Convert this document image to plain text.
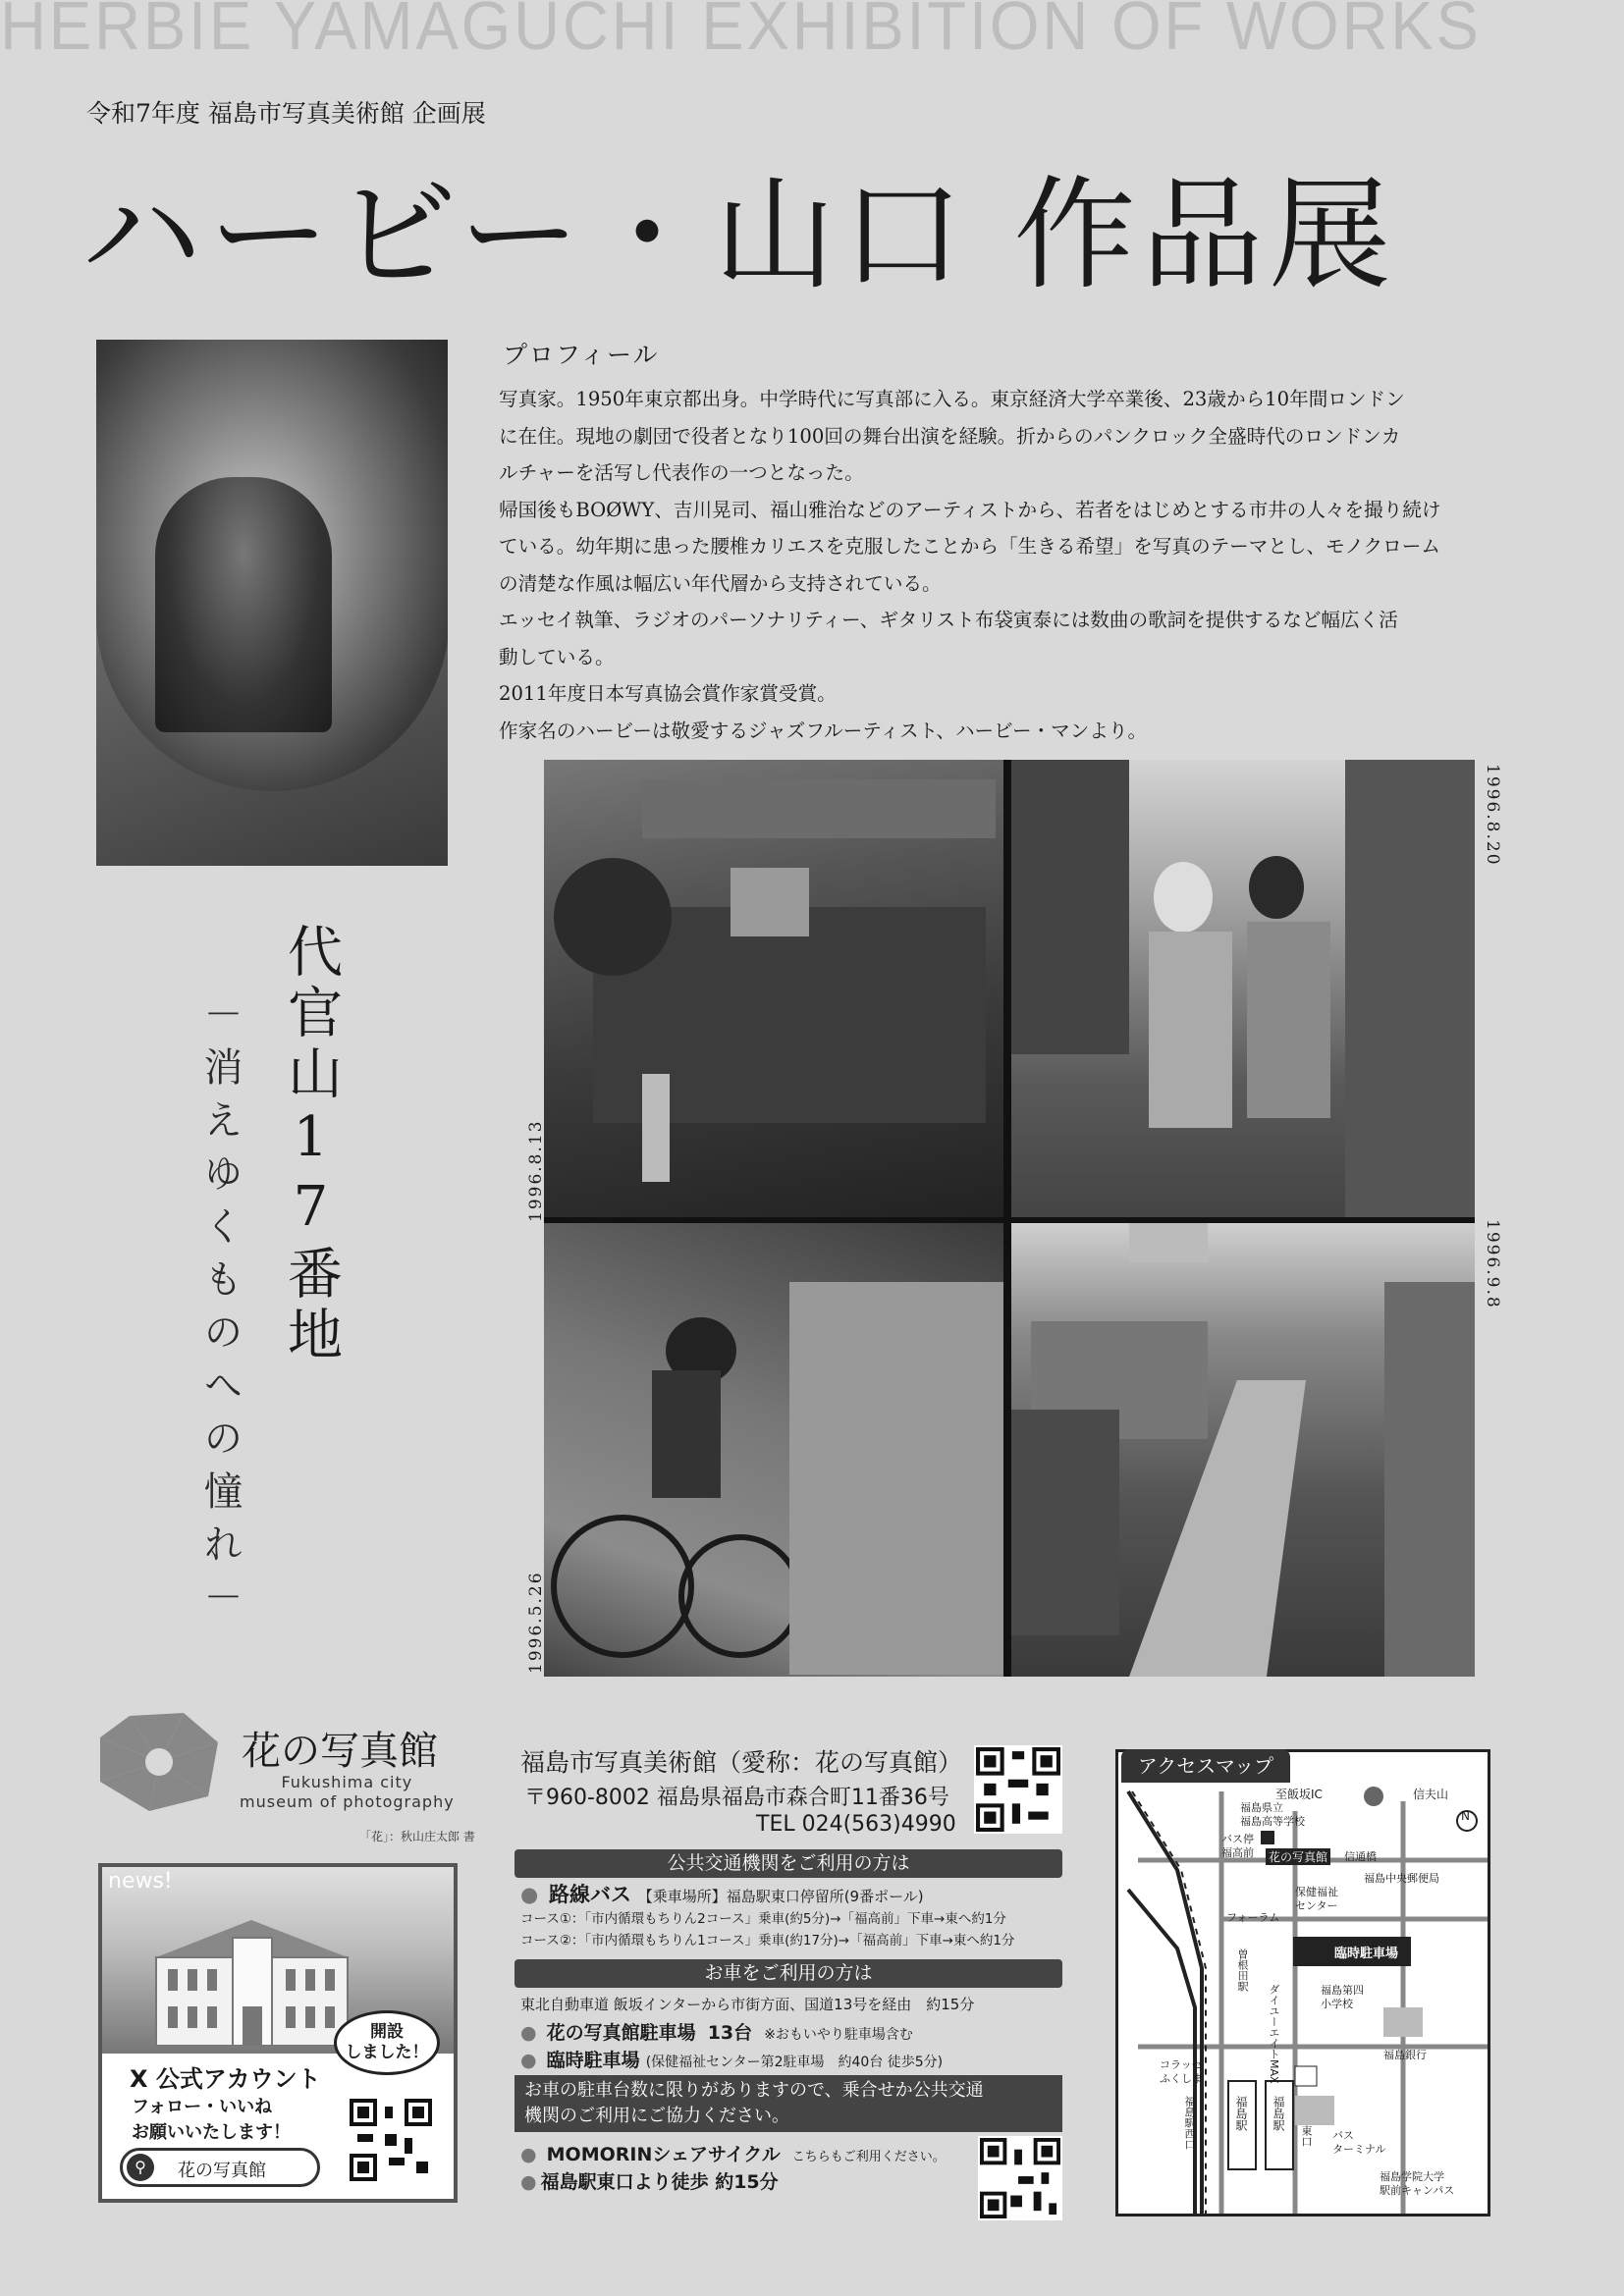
HERBIE YAMAGUCHI EXHIBITION OF WORKS
令和7年度 福島市写真美術館 企画展
ハービー・山口 作品展
プロフィール

写真家。1950年東京都出身。中学時代に写真部に入る。東京経済大学卒業後、23歳から10年間ロンドン

に在住。現地の劇団で役者となり100回の舞台出演を経験。折からのパンクロック全盛時代のロンドンカ

ルチャーを活写し代表作の一つとなった。

帰国後もBOØWY、吉川晃司、福山雅治などのアーティストから、若者をはじめとする市井の人々を撮り続け

ている。幼年期に患った腰椎カリエスを克服したことから「生きる希望」を写真のテーマとし、モノクローム

の清楚な作風は幅広い年代層から支持されている。

エッセイ執筆、ラジオのパーソナリティー、ギタリスト布袋寅泰には数曲の歌詞を提供するなど幅広く活

動している。

2011年度日本写真協会賞作家賞受賞。

作家名のハービーは敬愛するジャズフルーティスト、ハービー・マンより。

代官山17番地
－消えゆくものへの憧れ－	1996.8.13
1996.8.20
1996.5.26
1996.9.8
花の写真館
Fukushima city
museum of photography
「花」：秋山庄太郎 書
news!
開設
しました！
X 公式アカウント
フォロー・いいね
お願いいたします！
⚲	花の写真館
福島市写真美術館（愛称：花の写真館）
〒960-8002 福島県福島市森合町11番36号
TEL 024(563)4990
公共交通機関をご利用の方は
● 路線バス 【乗車場所】福島駅東口停留所(9番ポール)
コース①：「市内循環もちりん2コース」乗車(約5分)→「福高前」下車→東へ約1分
コース②：「市内循環もちりん1コース」乗車(約17分)→「福高前」下車→東へ約1分
お車をご利用の方は
東北自動車道 飯坂インターから市街方面、国道13号を経由　約15分
● 花の写真館駐車場 13台 ※おもいやり駐車場含む
● 臨時駐車場 (保健福祉センター第2駐車場　約40台 徒歩5分)
お車の駐車台数に限りがありますので、乗合せか公共交通
機関のご利用にご協力ください。
● MOMORINシェアサイクル こちらもご利用ください。
● 福島駅東口より徒歩 約15分
至飯坂IC	信夫山
N
福島県立
福島高等学校
バス停
福高前 花の写真館 信通橋
福島中央郵便局
保健福祉
センター
フォーラム
臨時駐車場
曽根田駅	福島第四
小学校
ダイユーエイトMAX
コラッセ
ふくしま
福島銀行
福島駅西口	福島駅 福島駅
東口 バス
ターミナル
福島学院大学
駅前キャンパス
アクセスマップ
